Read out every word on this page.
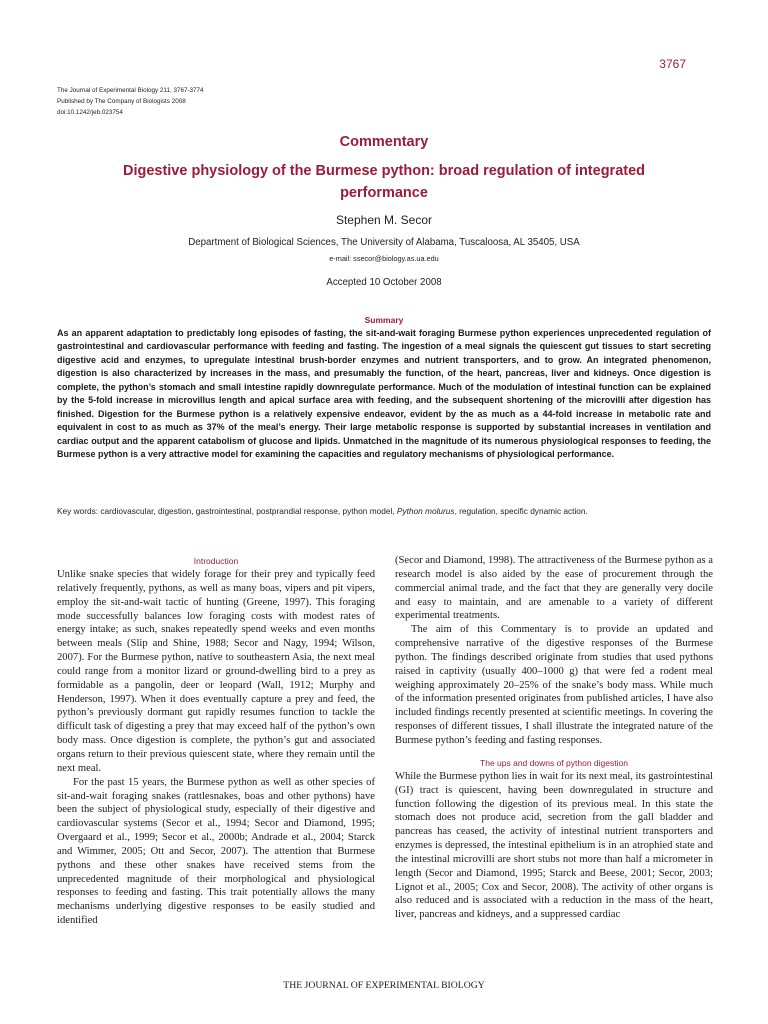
3767
The Journal of Experimental Biology 211, 3767-3774
Published by The Company of Biologists 2008
doi:10.1242/jeb.023754
Commentary
Digestive physiology of the Burmese python: broad regulation of integrated performance
Stephen M. Secor
Department of Biological Sciences, The University of Alabama, Tuscaloosa, AL 35405, USA
e-mail: ssecor@biology.as.ua.edu
Accepted 10 October 2008
Summary
As an apparent adaptation to predictably long episodes of fasting, the sit-and-wait foraging Burmese python experiences unprecedented regulation of gastrointestinal and cardiovascular performance with feeding and fasting. The ingestion of a meal signals the quiescent gut tissues to start secreting digestive acid and enzymes, to upregulate intestinal brush-border enzymes and nutrient transporters, and to grow. An integrated phenomenon, digestion is also characterized by increases in the mass, and presumably the function, of the heart, pancreas, liver and kidneys. Once digestion is complete, the python’s stomach and small intestine rapidly downregulate performance. Much of the modulation of intestinal function can be explained by the 5-fold increase in microvillus length and apical surface area with feeding, and the subsequent shortening of the microvilli after digestion has finished. Digestion for the Burmese python is a relatively expensive endeavor, evident by the as much as a 44-fold increase in metabolic rate and equivalent in cost to as much as 37% of the meal’s energy. Their large metabolic response is supported by substantial increases in ventilation and cardiac output and the apparent catabolism of glucose and lipids. Unmatched in the magnitude of its numerous physiological responses to feeding, the Burmese python is a very attractive model for examining the capacities and regulatory mechanisms of physiological performance.
Key words: cardiovascular, digestion, gastrointestinal, postprandial response, python model, Python molurus, regulation, specific dynamic action.
Introduction

Unlike snake species that widely forage for their prey and typically feed relatively frequently, pythons, as well as many boas, vipers and pit vipers, employ the sit-and-wait tactic of hunting (Greene, 1997). This foraging mode successfully balances low foraging costs with modest rates of energy intake; as such, snakes repeatedly spend weeks and even months between meals (Slip and Shine, 1988; Secor and Nagy, 1994; Wilson, 2007). For the Burmese python, native to southeastern Asia, the next meal could range from a monitor lizard or ground-dwelling bird to a prey as formidable as a pangolin, deer or leopard (Wall, 1912; Murphy and Henderson, 1997). When it does eventually capture a prey and feed, the python’s previously dormant gut rapidly resumes function to tackle the difficult task of digesting a prey that may exceed half of the python’s own body mass. Once digestion is complete, the python’s gut and associated organs return to their previous quiescent state, where they remain until the next meal.

For the past 15 years, the Burmese python as well as other species of sit-and-wait foraging snakes (rattlesnakes, boas and other pythons) have been the subject of physiological study, especially of their digestive and cardiovascular systems (Secor et al., 1994; Secor and Diamond, 1995; Overgaard et al., 1999; Secor et al., 2000b; Andrade et al., 2004; Starck and Wimmer, 2005; Ott and Secor, 2007). The attention that Burmese pythons and these other snakes have received stems from the unprecedented magnitude of their morphological and physiological responses to feeding and fasting. This trait potentially allows the many mechanisms underlying digestive responses to be easily studied and identified

(Secor and Diamond, 1998). The attractiveness of the Burmese python as a research model is also aided by the ease of procurement through the commercial animal trade, and the fact that they are generally very docile and easy to maintain, and are amenable to a variety of different experimental treatments.

The aim of this Commentary is to provide an updated and comprehensive narrative of the digestive responses of the Burmese python. The findings described originate from studies that used pythons raised in captivity (usually 400–1000 g) that were fed a rodent meal weighing approximately 20–25% of the snake’s body mass. While much of the information presented originates from published articles, I have also included findings recently presented at scientific meetings. In covering the responses of different tissues, I shall illustrate the integrated nature of the Burmese python’s feeding and fasting responses.

The ups and downs of python digestion

While the Burmese python lies in wait for its next meal, its gastrointestinal (GI) tract is quiescent, having been downregulated in structure and function following the digestion of its previous meal. In this state the stomach does not produce acid, secretion from the gall bladder and pancreas has ceased, the activity of intestinal nutrient transporters and enzymes is depressed, the intestinal epithelium is in an atrophied state and the intestinal microvilli are short stubs not more than half a micrometer in length (Secor and Diamond, 1995; Starck and Beese, 2001; Secor, 2003; Lignot et al., 2005; Cox and Secor, 2008). The activity of other organs is also reduced and is associated with a reduction in the mass of the heart, liver, pancreas and kidneys, and a suppressed cardiac

THE JOURNAL OF EXPERIMENTAL BIOLOGY
